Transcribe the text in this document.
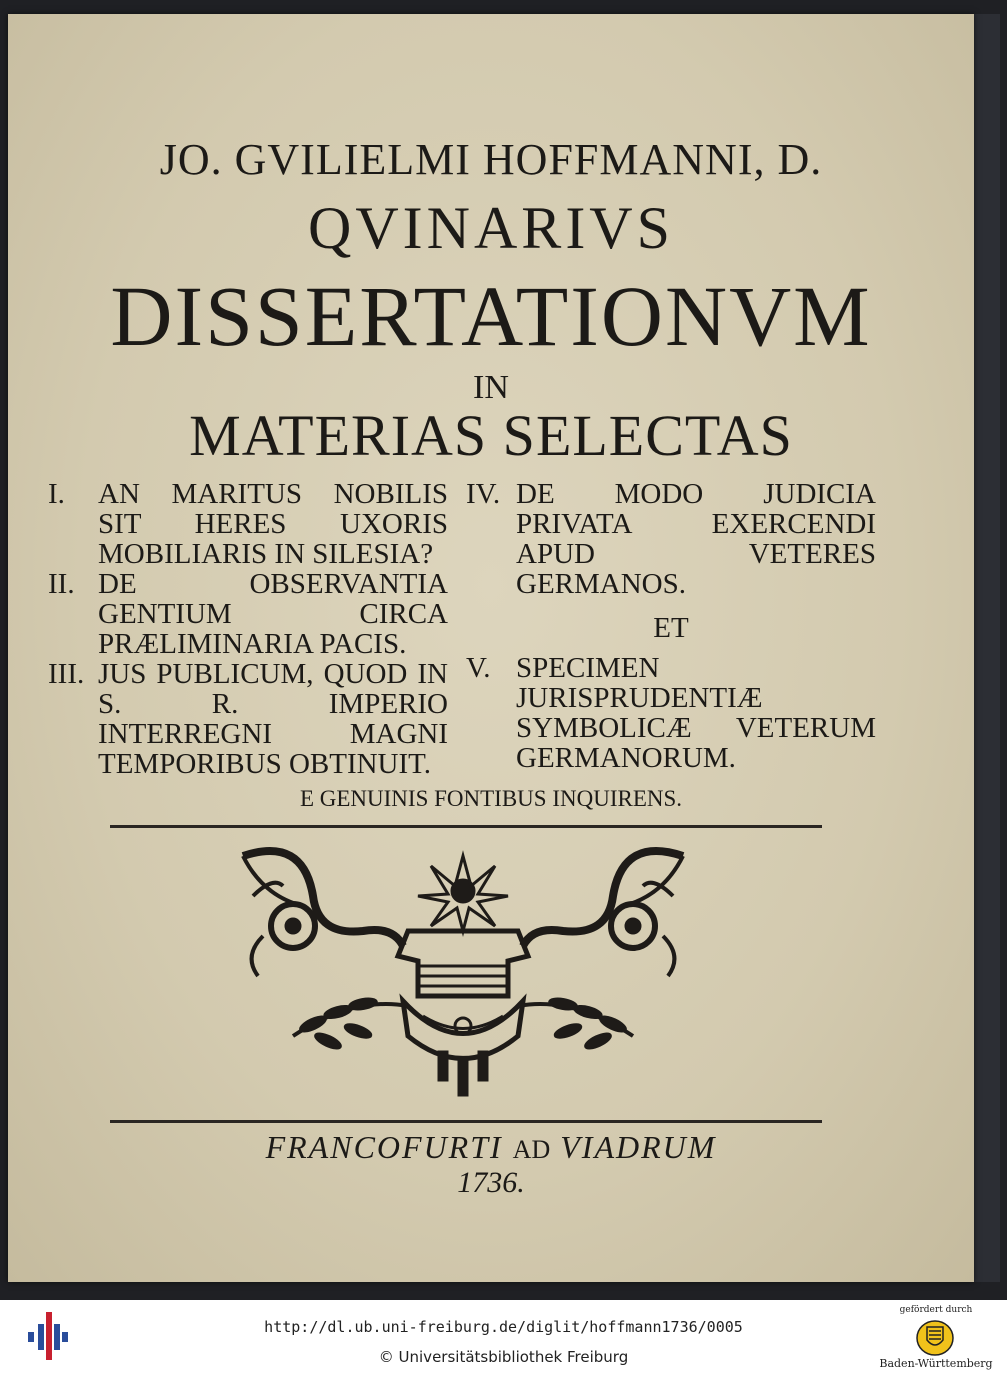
JO. GVILIELMI HOFFMANNI, D.
QVINARIVS
DISSERTATIONVM
IN
MATERIAS SELECTAS
I.	AN MARITUS NOBILIS SIT HERES UXORIS MOBILIARIS IN SILESIA?
II. DE OBSERVANTIA GENTIUM CIRCA PRÆLIMINARIA PACIS.
III. JUS PUBLICUM, QUOD IN S. R. IMPERIO INTERREGNI MAGNI TEMPORIBUS OBTINUIT.
IV. DE MODO JUDICIA PRIVATA EXERCENDI APUD VETERES GERMANOS.
ET
V. SPECIMEN JURISPRUDENTIÆ SYMBOLICÆ VETERUM GERMANORUM.
E GENUINIS FONTIBUS INQUIRENS.
FRANCOFURTI AD VIADRUM
1736.
http://dl.ub.uni-freiburg.de/diglit/hoffmann1736/0005
© Universitätsbibliothek Freiburg
gefördert durch
Baden-Württemberg
